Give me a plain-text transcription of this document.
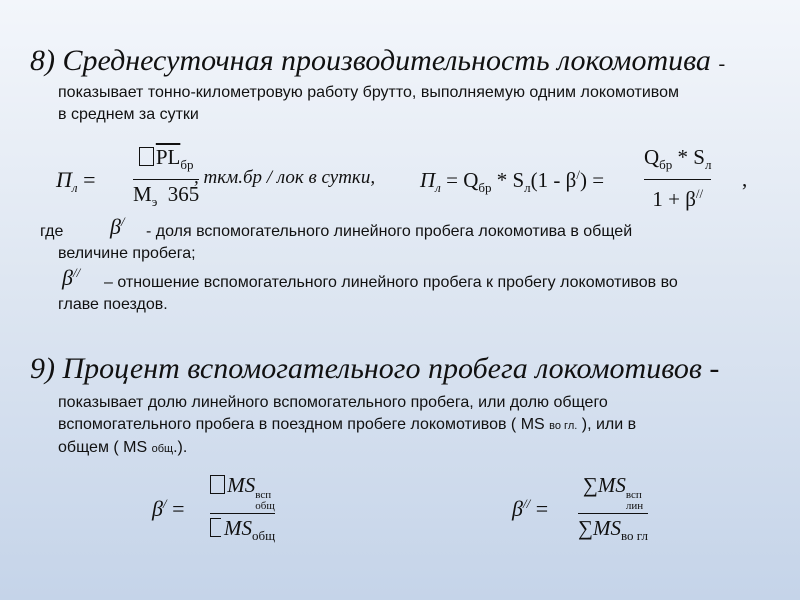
8) Среднесуточная производительность локомотива -
показывает тонно-километровую работу брутто, выполняемую одним локомотивом
в среднем за сутки
$П_л$ =
$\overline{PL}_{бр}$
$М_э$ 365
, ткм.бр / лок в сутки, $П_л = Q_{бр} * S_л(1 - \beta^/)$ =
$Q_{бр} * S_л$
1 + β//
,
где β/
- доля вспомогательного линейного пробега локомотива в общей
величине пробега;
β//
– отношение вспомогательного линейного пробега к пробегу локомотивов во
главе поездов.
9) Процент вспомогательного пробега локомотивов -
показывает долю линейного вспомогательного пробега, или долю общего
вспомогательного пробега в поездном пробеге локомотивов ( MS во гл. ), или в
общем ( MS общ.).
β/ =
MS всп
общ
$MS_{общ}$
β// =
∑MS всп
лин
$\sum MS_{во гл}$
